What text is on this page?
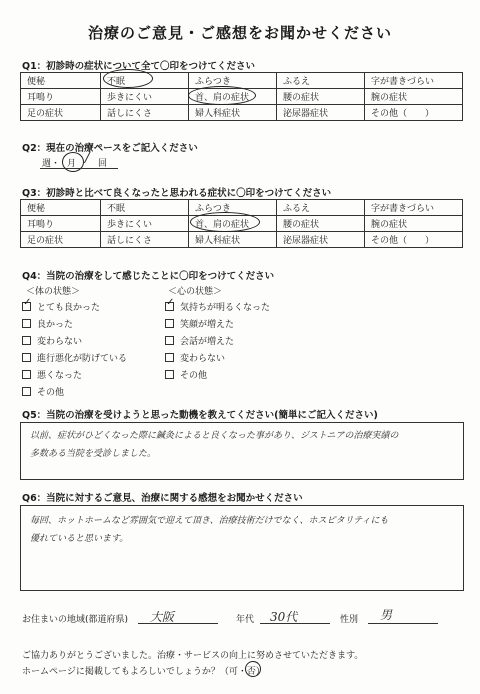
治療のご意見・ご感想をお聞かせください
Q1：初診時の症状について全て〇印をつけてください
便秘	不眠	ふらつき	ふるえ	字が書きづらい
耳鳴り	歩きにくい	首、肩の症状	腰の症状	腕の症状
足の症状	話しにくさ	婦人科症状	泌尿器症状	その他（　　）
Q2：現在の治療ペースをご記入ください
週・ 月 / 回
Q3：初診時と比べて良くなったと思われる症状に〇印をつけてください
便秘	不眠	ふらつき	ふるえ	字が書きづらい
耳鳴り	歩きにくい	首、肩の症状	腰の症状	腕の症状
足の症状	話しにくさ	婦人科症状	泌尿器症状	その他（　　）
Q4：当院の治療をして感じたことに〇印をつけてください
＜体の状態＞	＜心の状態＞
✓とても良かった
良かった
変わらない
進行悪化が防げている
悪くなった
その他
✓気持ちが明るくなった
笑顔が増えた
会話が増えた
変わらない
その他
Q5：当院の治療を受けようと思った動機を教えてください(簡単にご記入ください)
以前、症状がひどくなった際に鍼灸によると良くなった事があり、ジストニアの治療実績の
多数ある当院を受診しました。
Q6：当院に対するご意見、治療に関する感想をお聞かせください
毎回、ホットホームなど雰囲気で迎えて頂き、治療技術だけでなく、ホスピタリティにも
優れていると思います。
お住まいの地域(都道府県) 大阪	年代 30代	性別 男
ご協力ありがとうございました。治療・サービスの向上に努めさせていただきます。
ホームページに掲載してもよろしいでしょうか？（可・否）
